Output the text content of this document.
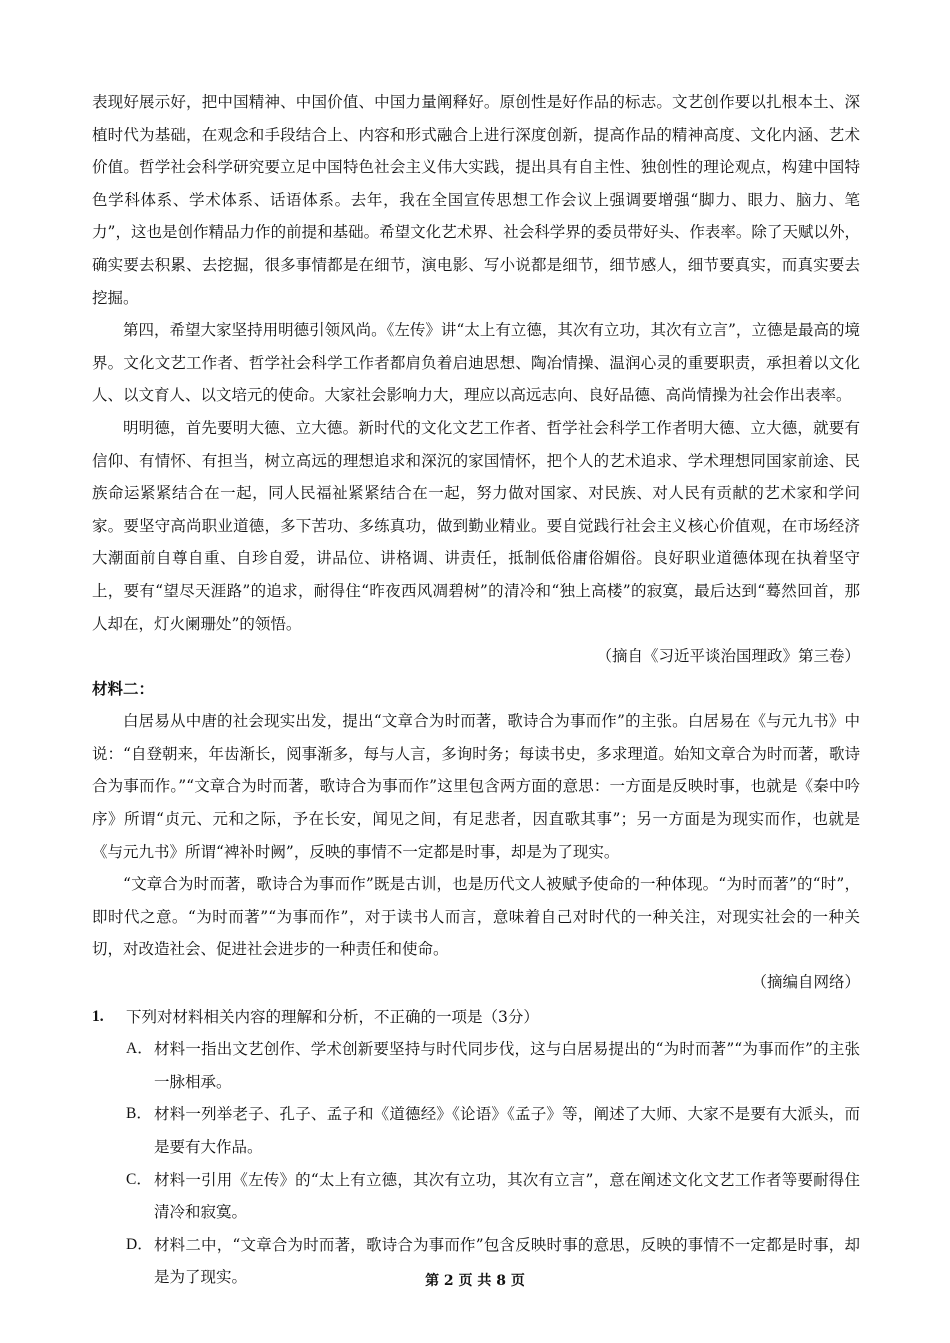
表现好展示好，把中国精神、中国价值、中国力量阐释好。原创性是好作品的标志。文艺创作要以扎根本土、深植时代为基础，在观念和手段结合上、内容和形式融合上进行深度创新，提高作品的精神高度、文化内涵、艺术价值。哲学社会科学研究要立足中国特色社会主义伟大实践，提出具有自主性、独创性的理论观点，构建中国特色学科体系、学术体系、话语体系。去年，我在全国宣传思想工作会议上强调要增强“脚力、眼力、脑力、笔力”，这也是创作精品力作的前提和基础。希望文化艺术界、社会科学界的委员带好头、作表率。除了天赋以外，确实要去积累、去挖掘，很多事情都是在细节，演电影、写小说都是细节，细节感人，细节要真实，而真实要去挖掘。

第四，希望大家坚持用明德引领风尚。《左传》讲“太上有立德，其次有立功，其次有立言”，立德是最高的境界。文化文艺工作者、哲学社会科学工作者都肩负着启迪思想、陶冶情操、温润心灵的重要职责，承担着以文化人、以文育人、以文培元的使命。大家社会影响力大，理应以高远志向、良好品德、高尚情操为社会作出表率。

明明德，首先要明大德、立大德。新时代的文化文艺工作者、哲学社会科学工作者明大德、立大德，就要有信仰、有情怀、有担当，树立高远的理想追求和深沉的家国情怀，把个人的艺术追求、学术理想同国家前途、民族命运紧紧结合在一起，同人民福祉紧紧结合在一起，努力做对国家、对民族、对人民有贡献的艺术家和学问家。要坚守高尚职业道德，多下苦功、多练真功，做到勤业精业。要自觉践行社会主义核心价值观，在市场经济大潮面前自尊自重、自珍自爱，讲品位、讲格调、讲责任，抵制低俗庸俗媚俗。良好职业道德体现在执着坚守上，要有“望尽天涯路”的追求，耐得住“昨夜西风凋碧树”的清冷和“独上高楼”的寂寞，最后达到“蓦然回首，那人却在，灯火阑珊处”的领悟。

（摘自《习近平谈治国理政》第三卷）

材料二：

白居易从中唐的社会现实出发，提出“文章合为时而著，歌诗合为事而作”的主张。白居易在《与元九书》中说：“自登朝来，年齿渐长，阅事渐多，每与人言，多询时务；每读书史，多求理道。始知文章合为时而著，歌诗合为事而作。”“文章合为时而著，歌诗合为事而作”这里包含两方面的意思：一方面是反映时事，也就是《秦中吟序》所谓“贞元、元和之际，予在长安，闻见之间，有足悲者，因直歌其事”；另一方面是为现实而作，也就是《与元九书》所谓“裨补时阙”，反映的事情不一定都是时事，却是为了现实。

“文章合为时而著，歌诗合为事而作”既是古训，也是历代文人被赋予使命的一种体现。“为时而著”的“时”，即时代之意。“为时而著”“为事而作”，对于读书人而言，意味着自己对时代的一种关注，对现实社会的一种关切，对改造社会、促进社会进步的一种责任和使命。

（摘编自网络）

1.	下列对材料相关内容的理解和分析，不正确的一项是（3分）
A． 材料一指出文艺创作、学术创新要坚持与时代同步伐，这与白居易提出的“为时而著”“为事而作”的主张一脉相承。
B． 材料一列举老子、孔子、孟子和《道德经》《论语》《孟子》等，阐述了大师、大家不是要有大派头，而是要有大作品。
C． 材料一引用《左传》的“太上有立德，其次有立功，其次有立言”，意在阐述文化文艺工作者等要耐得住清冷和寂寞。
D． 材料二中，“文章合为时而著，歌诗合为事而作”包含反映时事的意思，反映的事情不一定都是时事，却是为了现实。	第 2 页 共 8 页
